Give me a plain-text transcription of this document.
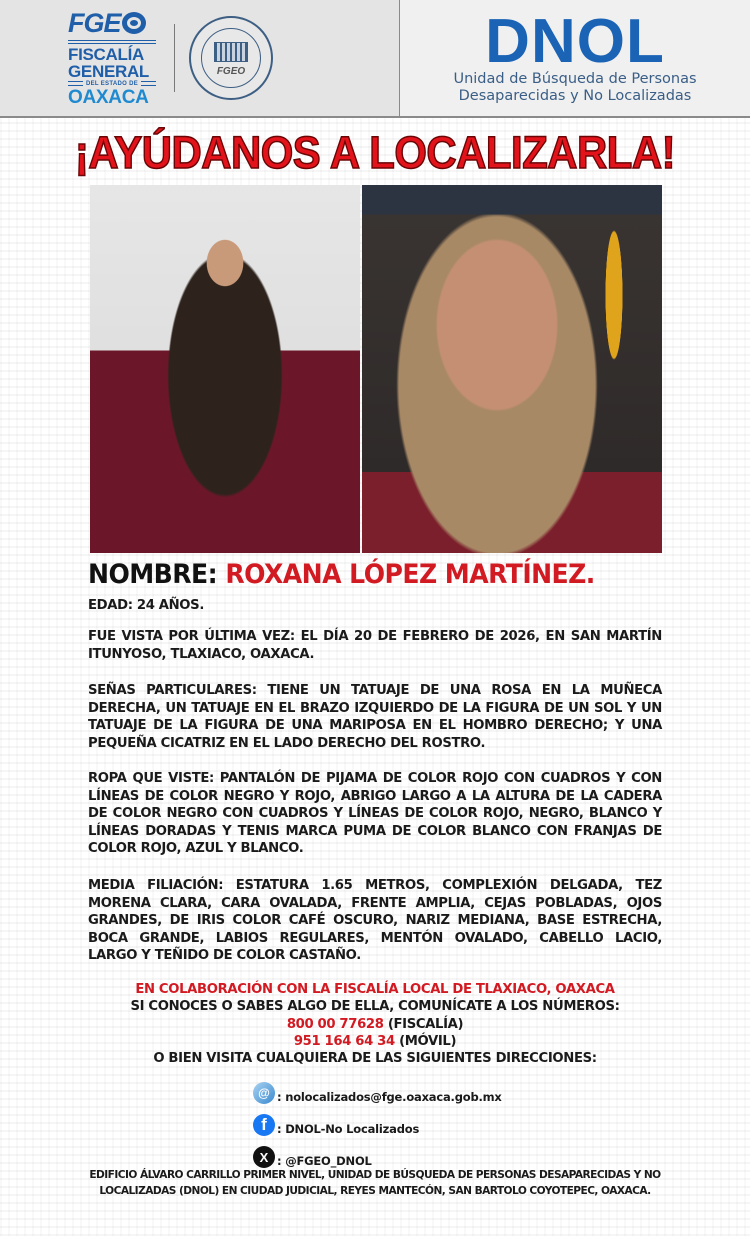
FGE
FISCALÍA
GENERAL
DEL ESTADO DE
OAXACA
FGEO	DNOL
Unidad de Búsqueda de Personas
Desaparecidas y No Localizadas
¡AYÚDANOS A LOCALIZARLA!
NOMBRE: ROXANA LÓPEZ MARTÍNEZ.
EDAD: 24 AÑOS.
FUE VISTA POR ÚLTIMA VEZ: EL DÍA 20 DE FEBRERO DE 2026, EN SAN MARTÍN ITUNYOSO, TLAXIACO, OAXACA.
SEÑAS PARTICULARES: TIENE UN TATUAJE DE UNA ROSA EN LA MUÑECA DERECHA, UN TATUAJE EN EL BRAZO IZQUIERDO DE LA FIGURA DE UN SOL Y UN TATUAJE DE LA FIGURA DE UNA MARIPOSA EN EL HOMBRO DERECHO; Y UNA PEQUEÑA CICATRIZ EN EL LADO DERECHO DEL ROSTRO.
ROPA QUE VISTE: PANTALÓN DE PIJAMA DE COLOR ROJO CON CUADROS Y CON LÍNEAS DE COLOR NEGRO Y ROJO, ABRIGO LARGO A LA ALTURA DE LA CADERA DE COLOR NEGRO CON CUADROS Y LÍNEAS DE COLOR ROJO, NEGRO, BLANCO Y LÍNEAS DORADAS Y TENIS MARCA PUMA DE COLOR BLANCO CON FRANJAS DE COLOR ROJO, AZUL Y BLANCO.
MEDIA FILIACIÓN: ESTATURA 1.65 METROS, COMPLEXIÓN DELGADA, TEZ MORENA CLARA, CARA OVALADA, FRENTE AMPLIA, CEJAS POBLADAS, OJOS GRANDES, DE IRIS COLOR CAFÉ OSCURO, NARIZ MEDIANA, BASE ESTRECHA, BOCA GRANDE, LABIOS REGULARES, MENTÓN OVALADO, CABELLO LACIO, LARGO Y TEÑIDO DE COLOR CASTAÑO.
EN COLABORACIÓN CON LA FISCALÍA LOCAL DE TLAXIACO, OAXACA
SI CONOCES O SABES ALGO DE ELLA, COMUNÍCATE A LOS NÚMEROS:
800 00 77628 (FISCALÍA)
951 164 64 34 (MÓVIL)
O BIEN VISITA CUALQUIERA DE LAS SIGUIENTES DIRECCIONES:
@ : nolocalizados@fge.oaxaca.gob.mx
f : DNOL-No Localizados
X : @FGEO_DNOL
EDIFICIO ÁLVARO CARRILLO PRIMER NIVEL, UNIDAD DE BÚSQUEDA DE PERSONAS DESAPARECIDAS Y NO
LOCALIZADAS (DNOL) EN CIUDAD JUDICIAL, REYES MANTECÓN, SAN BARTOLO COYOTEPEC, OAXACA.
